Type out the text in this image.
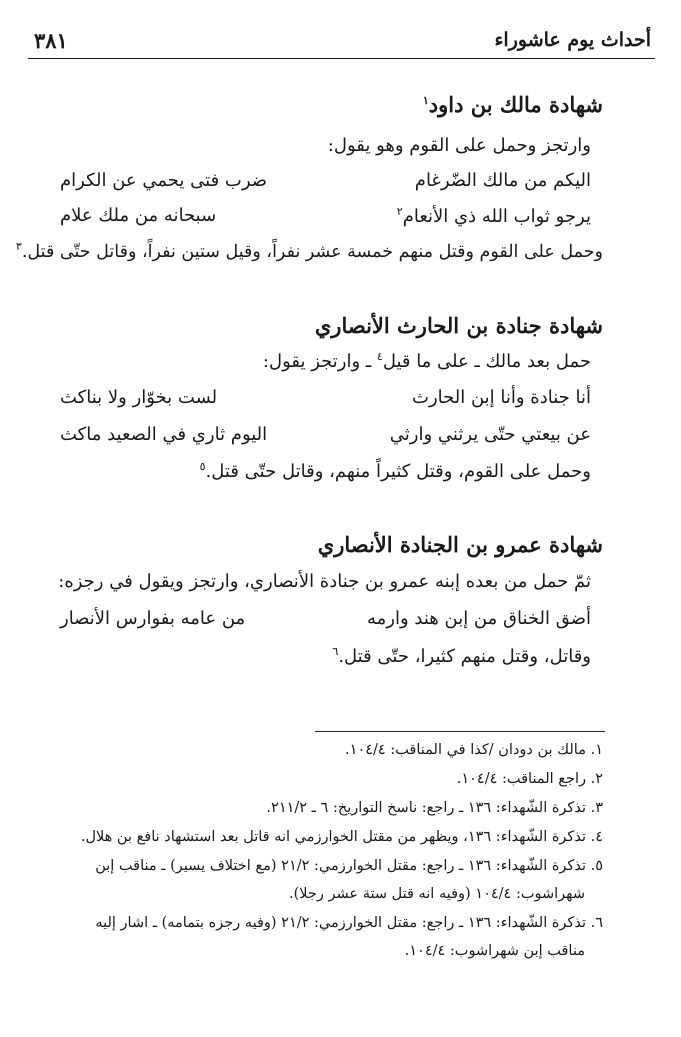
أحداث يوم عاشوراء
٣٨١
شهادة مالك بن داود$^١$
وارتجز وحمل على القوم وهو يقول:
اليكم من مالك الضّرغام
ضرب فتى يحمي عن الكرام
يرجو ثواب الله ذي الأنعام$^٢$
سبحانه من ملك علام
وحمل على القوم وقتل منهم خمسة عشر نفراً، وقيل ستين نفراً، وقاتل حتّى قتل.$^٣$
شهادة جنادة بن الحارث الأنصاري
حمل بعد مالك ـ على ما قيل$^٤$ ـ وارتجز يقول:
أنا جنادة وأنا إبن الحارث
لست بخوّار ولا بناكث
عن بيعتي حتّى يرثني وارثي
اليوم ثاري في الصعيد ماكث
وحمل على القوم، وقتل كثيراً منهم، وقاتل حتّى قتل.$^٥$
شهادة عمرو بن الجنادة الأنصاري
ثمّ حمل من بعده إبنه عمرو بن جنادة الأنصاري، وارتجز ويقول في رجزه:
أضق الخناق من إبن هند وارمه
من عامه بفوارس الأنصار
وقاتل، وقتل منهم كثيرا، حتّى قتل.$^٦$
١. مالك بن دودان /كذا في المناقب: ١٠٤/٤.
٢. راجع المناقب: ١٠٤/٤.
٣. تذكرة الشّهداء: ١٣٦ ـ راجع: ناسخ التواريخ: ٦ ـ ٢١١/٢.
٤. تذكرة الشّهداء: ١٣٦، ويظهر من مقتل الخوارزمي انه قاتل بعد استشهاد نافع بن هلال.
٥. تذكرة الشّهداء: ١٣٦ ـ راجع: مقتل الخوارزمي: ٢١/٢ (مع اختلاف يسير) ـ مناقب إبن
شهراشوب: ١٠٤/٤ (وفيه انه قتل ستة عشر رجلا).
٦. تذكرة الشّهداء: ١٣٦ ـ راجع: مقتل الخوارزمي: ٢١/٢ (وفيه رجزه بتمامه) ـ اشار إليه
مناقب إبن شهراشوب: ١٠٤/٤.
